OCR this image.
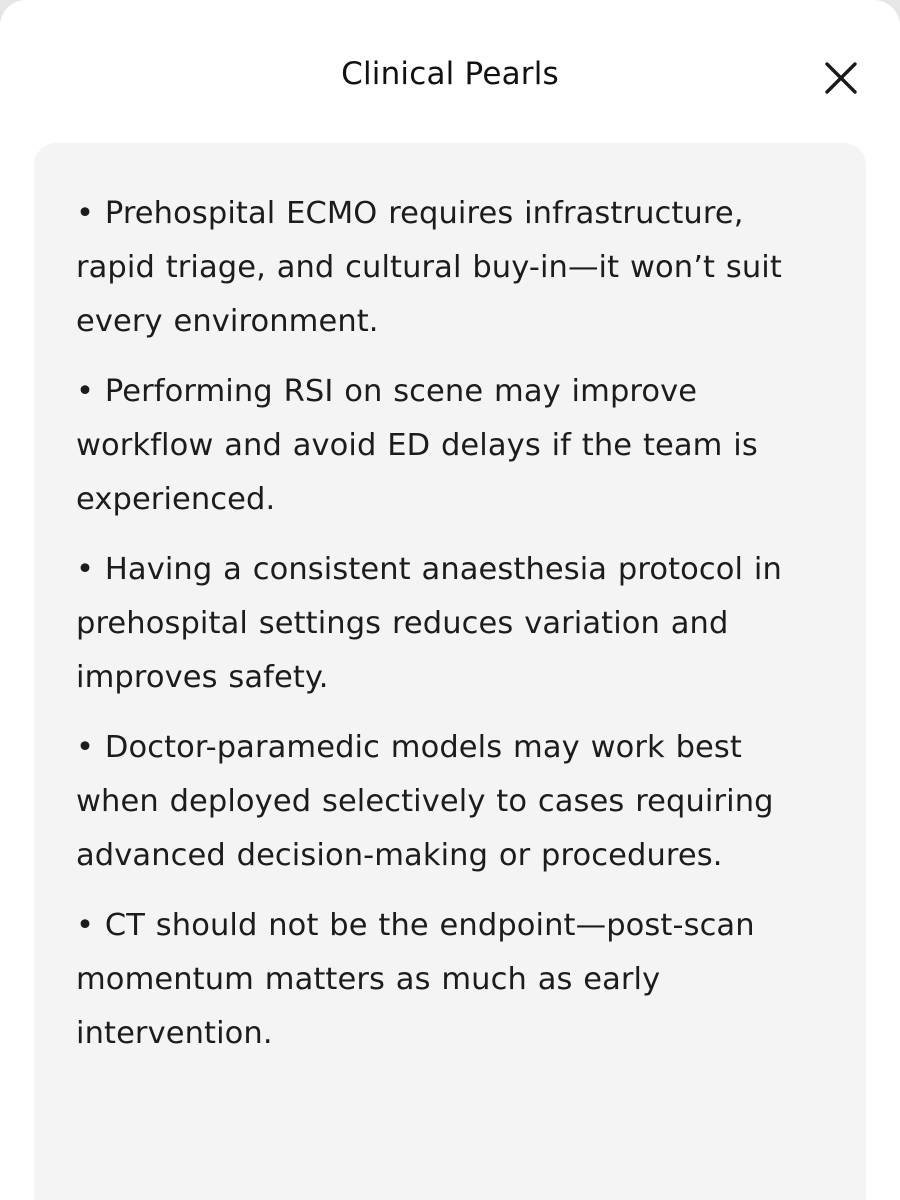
Clinical Pearls
• Prehospital ECMO requires infrastructure, rapid triage, and cultural buy-in—it won’t suit every environment.
• Performing RSI on scene may improve workflow and avoid ED delays if the team is experienced.
• Having a consistent anaesthesia protocol in prehospital settings reduces variation and improves safety.
• Doctor-paramedic models may work best when deployed selectively to cases requiring advanced decision-making or procedures.
• CT should not be the endpoint—post-scan momentum matters as much as early intervention.
